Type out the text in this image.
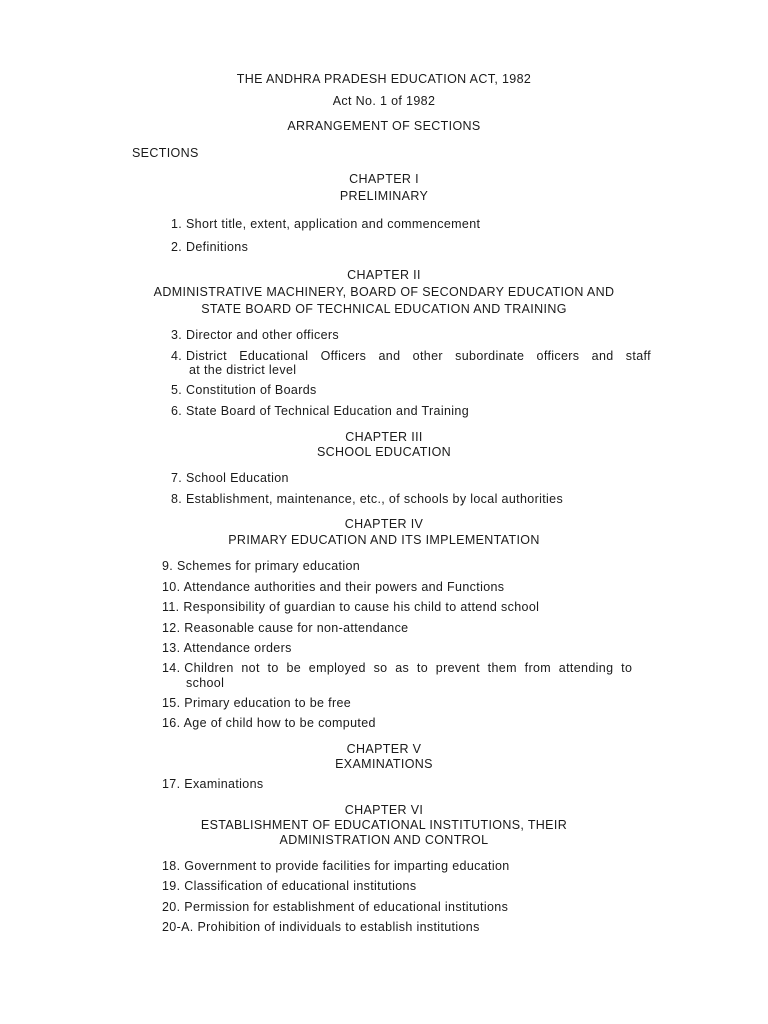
THE ANDHRA PRADESH EDUCATION ACT, 1982
Act No. 1 of 1982
ARRANGEMENT OF SECTIONS
SECTIONS
CHAPTER I
PRELIMINARY
1. Short title, extent, application and commencement
2. Definitions
CHAPTER II
ADMINISTRATIVE MACHINERY, BOARD OF SECONDARY EDUCATION AND
STATE BOARD OF TECHNICAL EDUCATION AND TRAINING
3. Director and other officers
4. District Educational Officers and other subordinate officers and staff
at the district level
5. Constitution of Boards
6. State Board of Technical Education and Training
CHAPTER III
SCHOOL EDUCATION
7. School Education
8. Establishment, maintenance, etc., of schools by local authorities
CHAPTER IV
PRIMARY EDUCATION AND ITS IMPLEMENTATION
9. Schemes for primary education
10. Attendance authorities and their powers and Functions
11. Responsibility of guardian to cause his child to attend school
12. Reasonable cause for non-attendance
13. Attendance orders
14. Children not to be employed so as to prevent them from attending to
school
15. Primary education to be free
16. Age of child how to be computed
CHAPTER V
EXAMINATIONS
17. Examinations
CHAPTER VI
ESTABLISHMENT OF EDUCATIONAL INSTITUTIONS, THEIR
ADMINISTRATION AND CONTROL
18. Government to provide facilities for imparting education
19. Classification of educational institutions
20. Permission for establishment of educational institutions
20-A. Prohibition of individuals to establish institutions
